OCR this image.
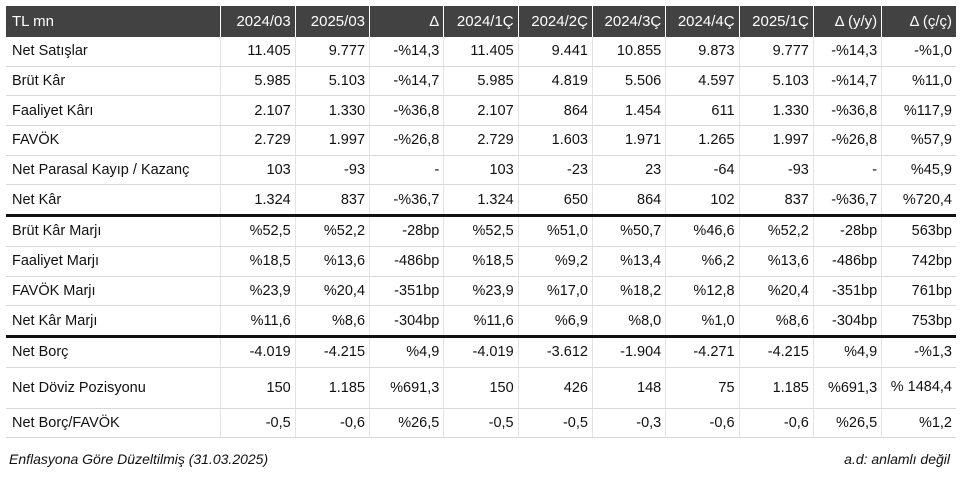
TL mn	2024/03	2025/03	Δ	2024/1Ç	2024/2Ç	2024/3Ç	2024/4Ç	2025/1Ç	Δ (y/y)	Δ (ç/ç)
Net Satışlar	11.405	9.777	-%14,3	11.405	9.441	10.855	9.873	9.777	-%14,3	-%1,0
Brüt Kâr	5.985	5.103	-%14,7	5.985	4.819	5.506	4.597	5.103	-%14,7	%11,0
Faaliyet Kârı	2.107	1.330	-%36,8	2.107	864	1.454	611	1.330	-%36,8	%117,9
FAVÖK	2.729	1.997	-%26,8	2.729	1.603	1.971	1.265	1.997	-%26,8	%57,9
Net Parasal Kayıp / Kazanç	103	-93	-	103	-23	23	-64	-93	-	%45,9
Net Kâr	1.324	837	-%36,7	1.324	650	864	102	837	-%36,7	%720,4
Brüt Kâr Marjı	%52,5	%52,2	-28bp	%52,5	%51,0	%50,7	%46,6	%52,2	-28bp	563bp
Faaliyet Marjı	%18,5	%13,6	-486bp	%18,5	%9,2	%13,4	%6,2	%13,6	-486bp	742bp
FAVÖK Marjı	%23,9	%20,4	-351bp	%23,9	%17,0	%18,2	%12,8	%20,4	-351bp	761bp
Net Kâr Marjı	%11,6	%8,6	-304bp	%11,6	%6,9	%8,0	%1,0	%8,6	-304bp	753bp
Net Borç	-4.019	-4.215	%4,9	-4.019	-3.612	-1.904	-4.271	-4.215	%4,9	-%1,3
Net Döviz Pozisyonu	150	1.185	%691,3	150	426	148	75	1.185	%691,3	% 1484,4
Net Borç/FAVÖK	-0,5	-0,6	%26,5	-0,5	-0,5	-0,3	-0,6	-0,6	%26,5	%1,2
Enflasyona Göre Düzeltilmiş (31.03.2025)	a.d: anlamlı değil
